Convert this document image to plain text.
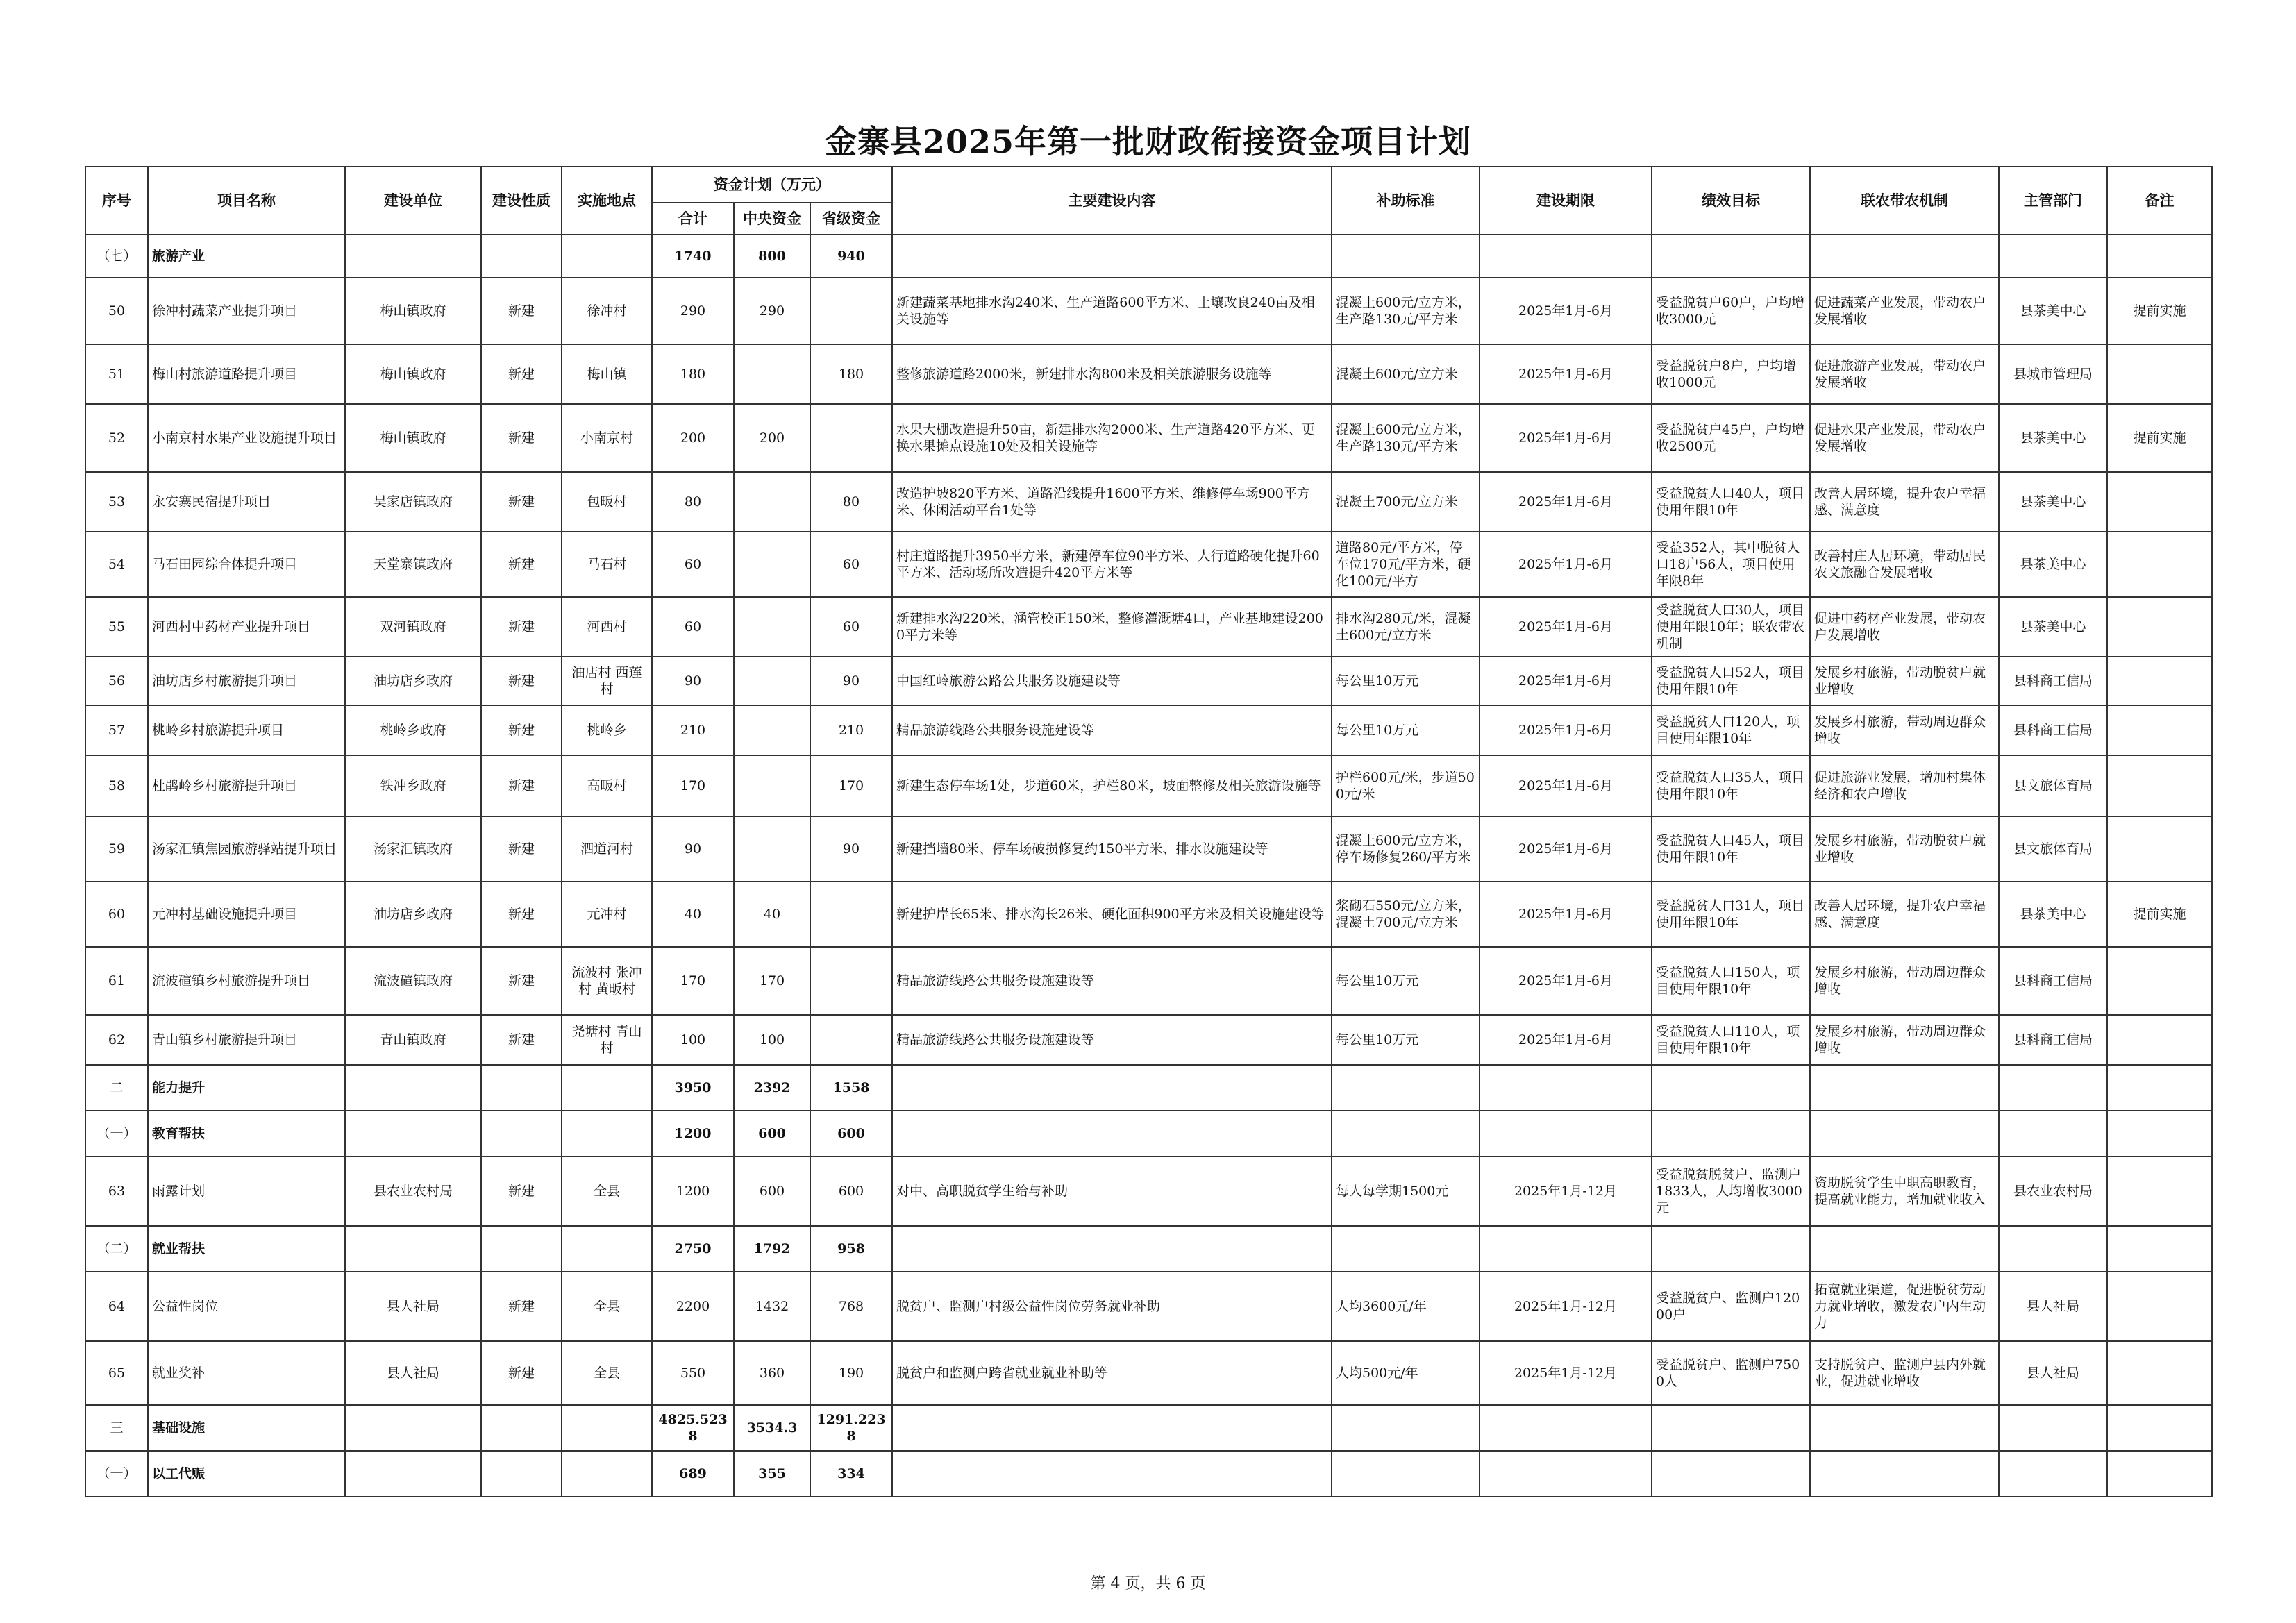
金寨县2025年第一批财政衔接资金项目计划
序号	项目名称	建设单位	建设性质	实施地点	资金计划（万元）			主要建设内容	补助标准	建设期限	绩效目标	联农带农机制	主管部门	备注
					合计	中央资金	省级资金							
（七）	旅游产业				1740	800	940							
50	徐冲村蔬菜产业提升项目	梅山镇政府	新建	徐冲村	290	290		新建蔬菜基地排水沟240米、生产道路600平方米、土壤改良240亩及相关设施等	混凝土600元/立方米，生产路130元/平方米	2025年1月-6月	受益脱贫户60户，户均增收3000元	促进蔬菜产业发展，带动农户发展增收	县茶美中心	提前实施
51	梅山村旅游道路提升项目	梅山镇政府	新建	梅山镇	180		180	整修旅游道路2000米，新建排水沟800米及相关旅游服务设施等	混凝土600元/立方米	2025年1月-6月	受益脱贫户8户，户均增收1000元	促进旅游产业发展，带动农户发展增收	县城市管理局	
52	小南京村水果产业设施提升项目	梅山镇政府	新建	小南京村	200	200		水果大棚改造提升50亩，新建排水沟2000米、生产道路420平方米、更换水果摊点设施10处及相关设施等	混凝土600元/立方米，生产路130元/平方米	2025年1月-6月	受益脱贫户45户，户均增收2500元	促进水果产业发展，带动农户发展增收	县茶美中心	提前实施
53	永安寨民宿提升项目	吴家店镇政府	新建	包畈村	80		80	改造护坡820平方米、道路沿线提升1600平方米、维修停车场900平方米、休闲活动平台1处等	混凝土700元/立方米	2025年1月-6月	受益脱贫人口40人，项目使用年限10年	改善人居环境，提升农户幸福感、满意度	县茶美中心	
54	马石田园综合体提升项目	天堂寨镇政府	新建	马石村	60		60	村庄道路提升3950平方米，新建停车位90平方米、人行道路硬化提升60平方米、活动场所改造提升420平方米等	道路80元/平方米，停车位170元/平方米，硬化100元/平方	2025年1月-6月	受益352人，其中脱贫人口18户56人，项目使用年限8年	改善村庄人居环境，带动居民农文旅融合发展增收	县茶美中心	
55	河西村中药材产业提升项目	双河镇政府	新建	河西村	60		60	新建排水沟220米，涵管校正150米，整修灌溉塘4口，产业基地建设2000平方米等	排水沟280元/米，混凝土600元/立方米	2025年1月-6月	受益脱贫人口30人，项目使用年限10年；联农带农机制	促进中药材产业发展，带动农户发展增收	县茶美中心	
56	油坊店乡村旅游提升项目	油坊店乡政府	新建	油店村 西莲村	90		90	中国红岭旅游公路公共服务设施建设等	每公里10万元	2025年1月-6月	受益脱贫人口52人，项目使用年限10年	发展乡村旅游，带动脱贫户就业增收	县科商工信局	
57	桃岭乡村旅游提升项目	桃岭乡政府	新建	桃岭乡	210		210	精品旅游线路公共服务设施建设等	每公里10万元	2025年1月-6月	受益脱贫人口120人，项目使用年限10年	发展乡村旅游，带动周边群众增收	县科商工信局	
58	杜鹃岭乡村旅游提升项目	铁冲乡政府	新建	高畈村	170		170	新建生态停车场1处，步道60米，护栏80米，坡面整修及相关旅游设施等	护栏600元/米，步道500元/米	2025年1月-6月	受益脱贫人口35人，项目使用年限10年	促进旅游业发展，增加村集体经济和农户增收	县文旅体育局	
59	汤家汇镇焦园旅游驿站提升项目	汤家汇镇政府	新建	泗道河村	90		90	新建挡墙80米、停车场破损修复约150平方米、排水设施建设等	混凝土600元/立方米，停车场修复260/平方米	2025年1月-6月	受益脱贫人口45人，项目使用年限10年	发展乡村旅游，带动脱贫户就业增收	县文旅体育局	
60	元冲村基础设施提升项目	油坊店乡政府	新建	元冲村	40	40		新建护岸长65米、排水沟长26米、硬化面积900平方米及相关设施建设等	浆砌石550元/立方米，混凝土700元/立方米	2025年1月-6月	受益脱贫人口31人，项目使用年限10年	改善人居环境，提升农户幸福感、满意度	县茶美中心	提前实施
61	流波碹镇乡村旅游提升项目	流波碹镇政府	新建	流波村 张冲村 黄畈村	170	170		精品旅游线路公共服务设施建设等	每公里10万元	2025年1月-6月	受益脱贫人口150人，项目使用年限10年	发展乡村旅游，带动周边群众增收	县科商工信局	
62	青山镇乡村旅游提升项目	青山镇政府	新建	尧塘村 青山村	100	100		精品旅游线路公共服务设施建设等	每公里10万元	2025年1月-6月	受益脱贫人口110人，项目使用年限10年	发展乡村旅游，带动周边群众增收	县科商工信局	
二	能力提升				3950	2392	1558							
（一）	教育帮扶				1200	600	600							
63	雨露计划	县农业农村局	新建	全县	1200	600	600	对中、高职脱贫学生给与补助	每人每学期1500元	2025年1月-12月	受益脱贫脱贫户、监测户1833人，人均增收3000元	资助脱贫学生中职高职教育，提高就业能力，增加就业收入	县农业农村局	
（二）	就业帮扶				2750	1792	958							
64	公益性岗位	县人社局	新建	全县	2200	1432	768	脱贫户、监测户村级公益性岗位劳务就业补助	人均3600元/年	2025年1月-12月	受益脱贫户、监测户12000户	拓宽就业渠道，促进脱贫劳动力就业增收，激发农户内生动力	县人社局	
65	就业奖补	县人社局	新建	全县	550	360	190	脱贫户和监测户跨省就业就业补助等	人均500元/年	2025年1月-12月	受益脱贫户、监测户7500人	支持脱贫户、监测户县内外就业，促进就业增收	县人社局	
三	基础设施				4825.5238	3534.3	1291.2238							
（一）	以工代赈				689	355	334							
第 4 页，共 6 页
